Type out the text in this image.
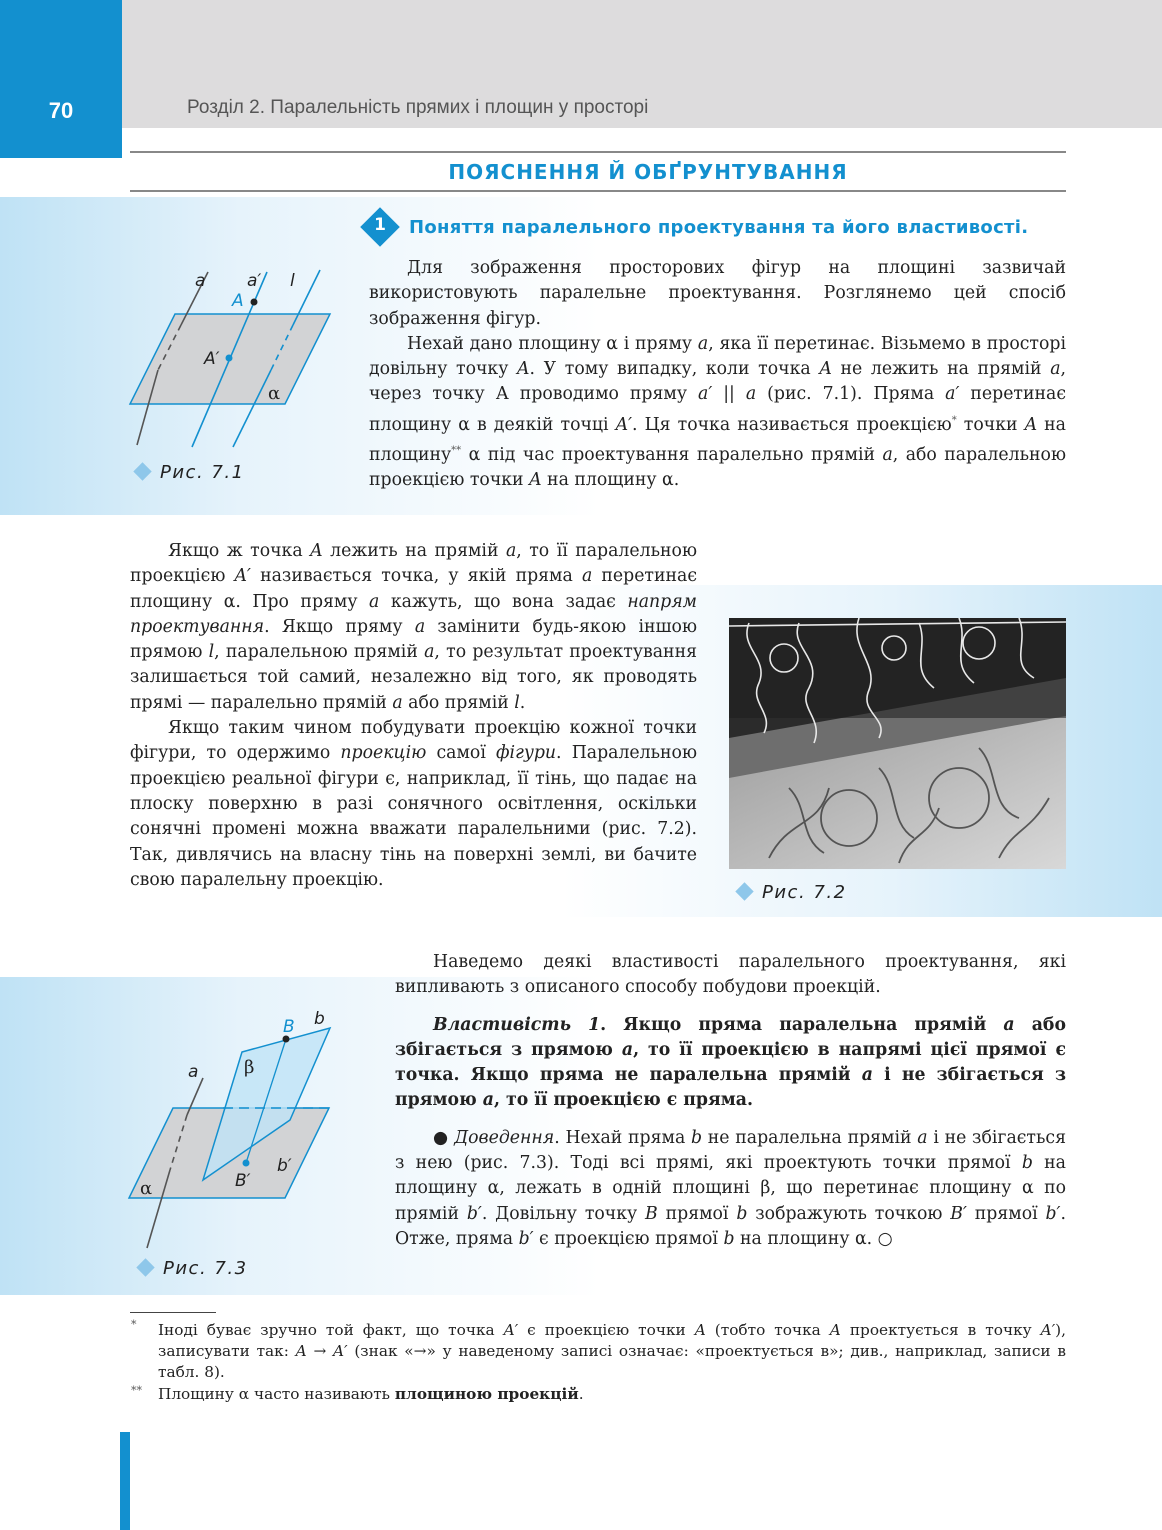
70	Розділ 2. Паралельність прямих і площин у просторі
ПОЯСНЕННЯ Й ОБҐРУНТУВАННЯ
1	Поняття паралельного проектування та його властивості.
a a′ l
A
A′
α
Рис. 7.1

Для зображення просторових фігур на площині зазвичай використовують паралельне проектування. Розглянемо цей спосіб зображення фігур.

Нехай дано площину α і пряму a, яка її перетинає. Візьмемо в просторі довільну точку A. У тому випадку, коли точка A не лежить на прямій a, через точку А проводимо пряму a′ || a (рис. 7.1). Пряма a′ перетинає площину α в деякій точці A′. Ця точка називається проекцією* точки A на площину** α під час проектування паралельно прямій a, або паралельною проекцією точки A на площину α.

Якщо ж точка A лежить на прямій a, то її паралельною проекцією A′ називається точка, у якій пряма a перетинає площину α. Про пряму a кажуть, що вона задає напрям проектування. Якщо пряму a замінити будь-якою іншою прямою l, паралельною прямій a, то результат проектування залишається той самий, незалежно від того, як проводять прямі — паралельно прямій a або прямій l.

Якщо таким чином побудувати проекцію кожної точки фігури, то одержимо проекцію самої фігури. Паралельною проекцією реальної фігури є, наприклад, її тінь, що падає на плоску поверхню в разі сонячного освітлення, оскільки сонячні промені можна вважати паралельними (рис. 7.2). Так, дивлячись на власну тінь на поверхні землі, ви бачите свою паралельну проекцію.

Рис. 7.2

Наведемо деякі властивості паралельного проектування, які випливають з описаного способу побудови проекцій.

Властивість 1. Якщо пряма паралельна прямій a або збігається з прямою a, то її проекцією в напрямі цієї прямої є точка. Якщо пряма не паралельна прямій a і не збігається з прямою a, то її проекцією є пряма.

● Доведення. Нехай пряма b не паралельна прямій a і не збігається з нею (рис. 7.3). Тоді всі прямі, які проектують точки прямої b на площину α, лежать в одній площині β, що перетинає площину α по прямій b′. Довільну точку B прямої b зображують точкою B′ прямої b′. Отже, пряма b′ є проекцією прямої b на площину α. ○

B b
a	β
B′
b′
α
Рис. 7.3
* Іноді буває зручно той факт, що точка A′ є проекцією точки A (тобто точка A проектується в точку A′), записувати так: A → A′ (знак «→» у наведеному записі означає: «проектується в»; див., наприклад, записи в табл. 8).

** Площину α часто називають площиною проекцій.
